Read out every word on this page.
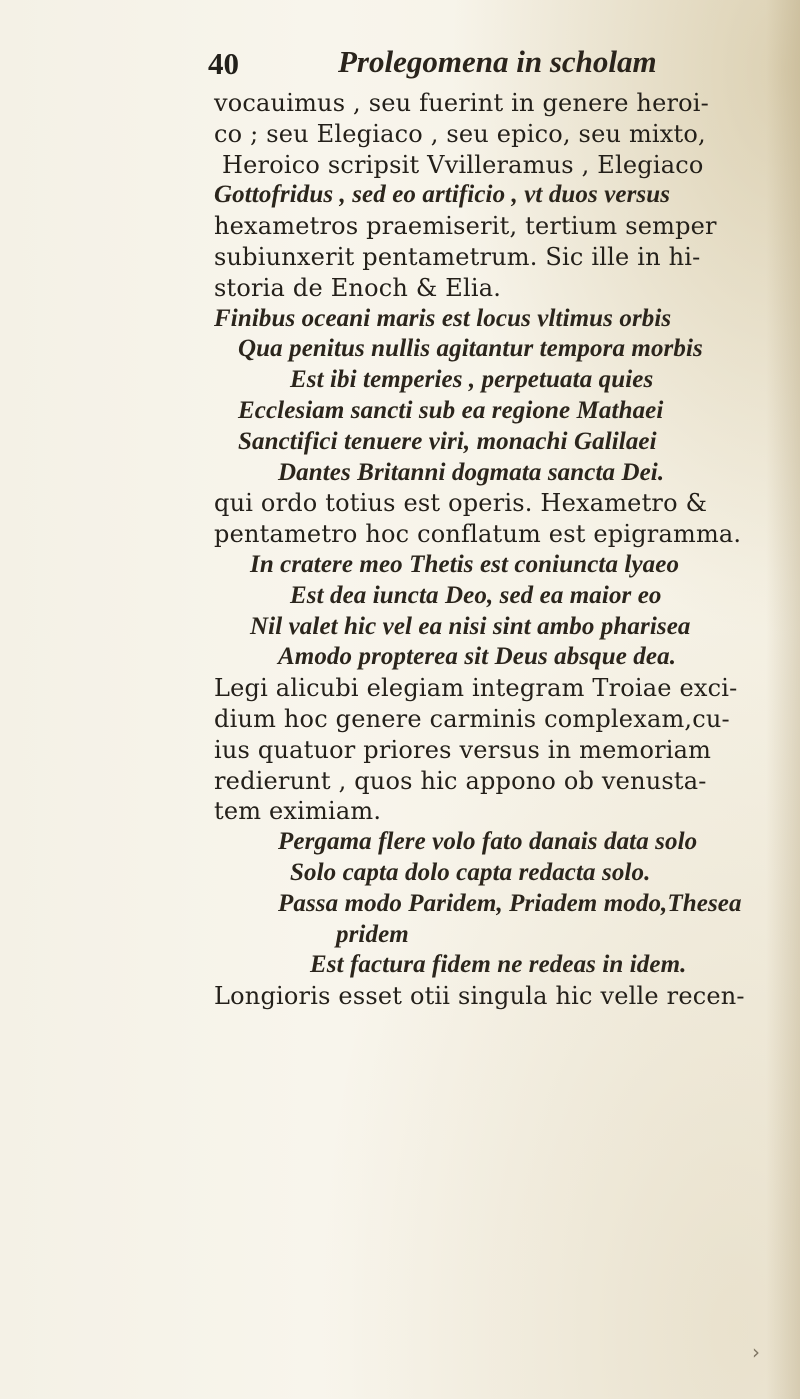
40	Prolegomena in scholam

vocauimus , seu fuerint in genere heroi-

co ; seu Elegiaco , seu epico, seu mixto,

Heroico scripsit Vvilleramus , Elegiaco

Gottofridus , sed eo artificio , vt duos versus

hexametros praemiserit, tertium semper

subiunxerit pentametrum. Sic ille in hi-

storia de Enoch & Elia.

Finibus oceani maris est locus vltimus orbis

Qua penitus nullis agitantur tempora morbis

Est ibi temperies , perpetuata quies

Ecclesiam sancti sub ea regione Mathaei

Sanctifici tenuere viri, monachi Galilaei

Dantes Britanni dogmata sancta Dei.

qui ordo totius est operis. Hexametro &

pentametro hoc conflatum est epigramma.

In cratere meo Thetis est coniuncta lyaeo

Est dea iuncta Deo, sed ea maior eo

Nil valet hic vel ea nisi sint ambo pharisea

Amodo propterea sit Deus absque dea.

Legi alicubi elegiam integram Troiae exci-

dium hoc genere carminis complexam,cu-

ius quatuor priores versus in memoriam

redierunt , quos hic appono ob venusta-

tem eximiam.

Pergama flere volo fato danais data solo

Solo capta dolo capta redacta solo.

Passa modo Paridem, Priadem modo,Thesea

pridem

Est factura fidem ne redeas in idem.

Longioris esset otii singula hic velle recen-

›
